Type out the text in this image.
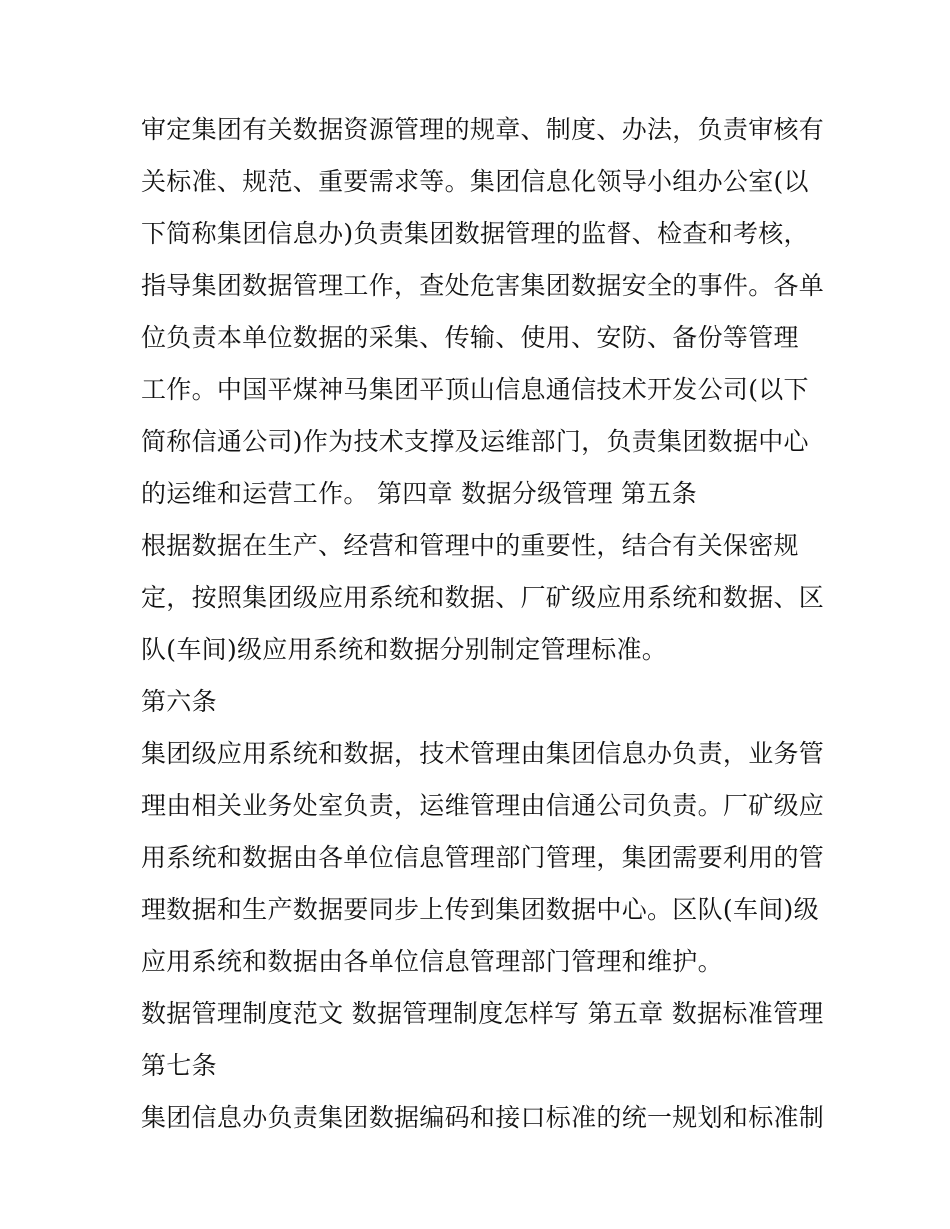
审定集团有关数据资源管理的规章、制度、办法，负责审核有
关标准、规范、重要需求等。集团信息化领导小组办公室(以
下简称集团信息办)负责集团数据管理的监督、检查和考核，
指导集团数据管理工作，查处危害集团数据安全的事件。各单
位负责本单位数据的采集、传输、使用、安防、备份等管理
工作。中国平煤神马集团平顶山信息通信技术开发公司(以下
简称信通公司)作为技术支撑及运维部门，负责集团数据中心
的运维和运营工作。 第四章 数据分级管理 第五条
根据数据在生产、经营和管理中的重要性，结合有关保密规
定，按照集团级应用系统和数据、厂矿级应用系统和数据、区
队(车间)级应用系统和数据分别制定管理标准。
第六条
集团级应用系统和数据，技术管理由集团信息办负责，业务管
理由相关业务处室负责，运维管理由信通公司负责。厂矿级应
用系统和数据由各单位信息管理部门管理，集团需要利用的管
理数据和生产数据要同步上传到集团数据中心。区队(车间)级
应用系统和数据由各单位信息管理部门管理和维护。
数据管理制度范文 数据管理制度怎样写 第五章 数据标准管理
第七条
集团信息办负责集团数据编码和接口标准的统一规划和标准制
